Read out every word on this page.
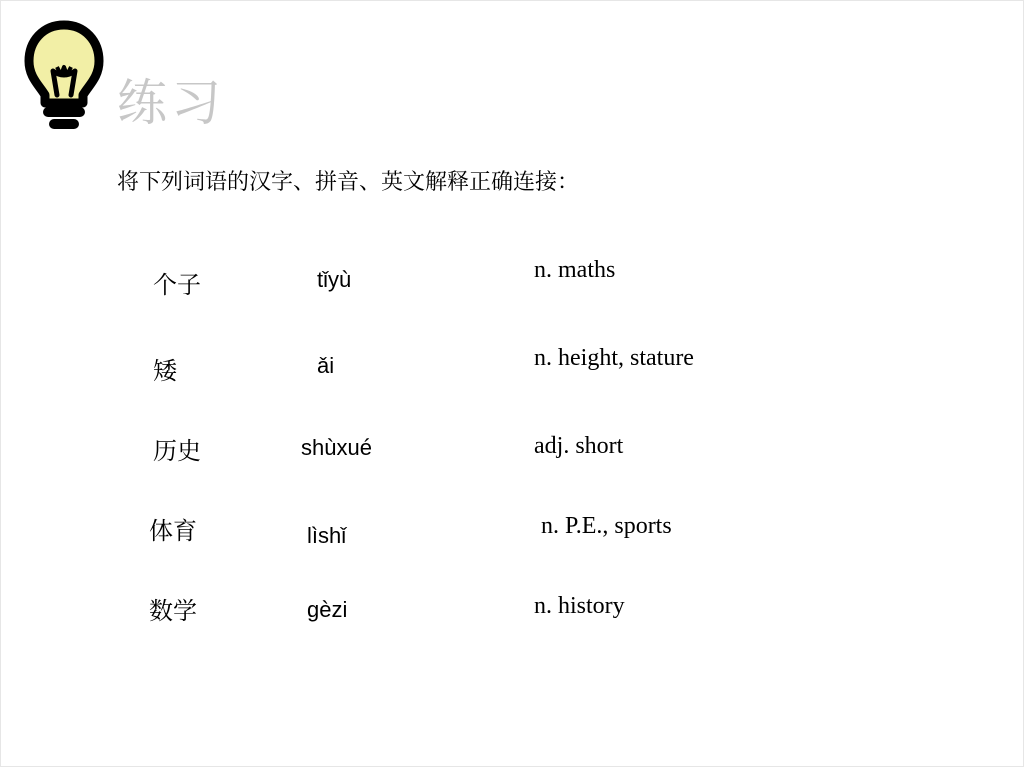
练习
将下列词语的汉字、拼音、英文解释正确连接：
个子
矮
历史
体育
数学
tǐyù
ǎi
shùxué
lìshǐ
gèzi
n. maths
n. height, stature
adj. short
n. P.E., sports
n. history
